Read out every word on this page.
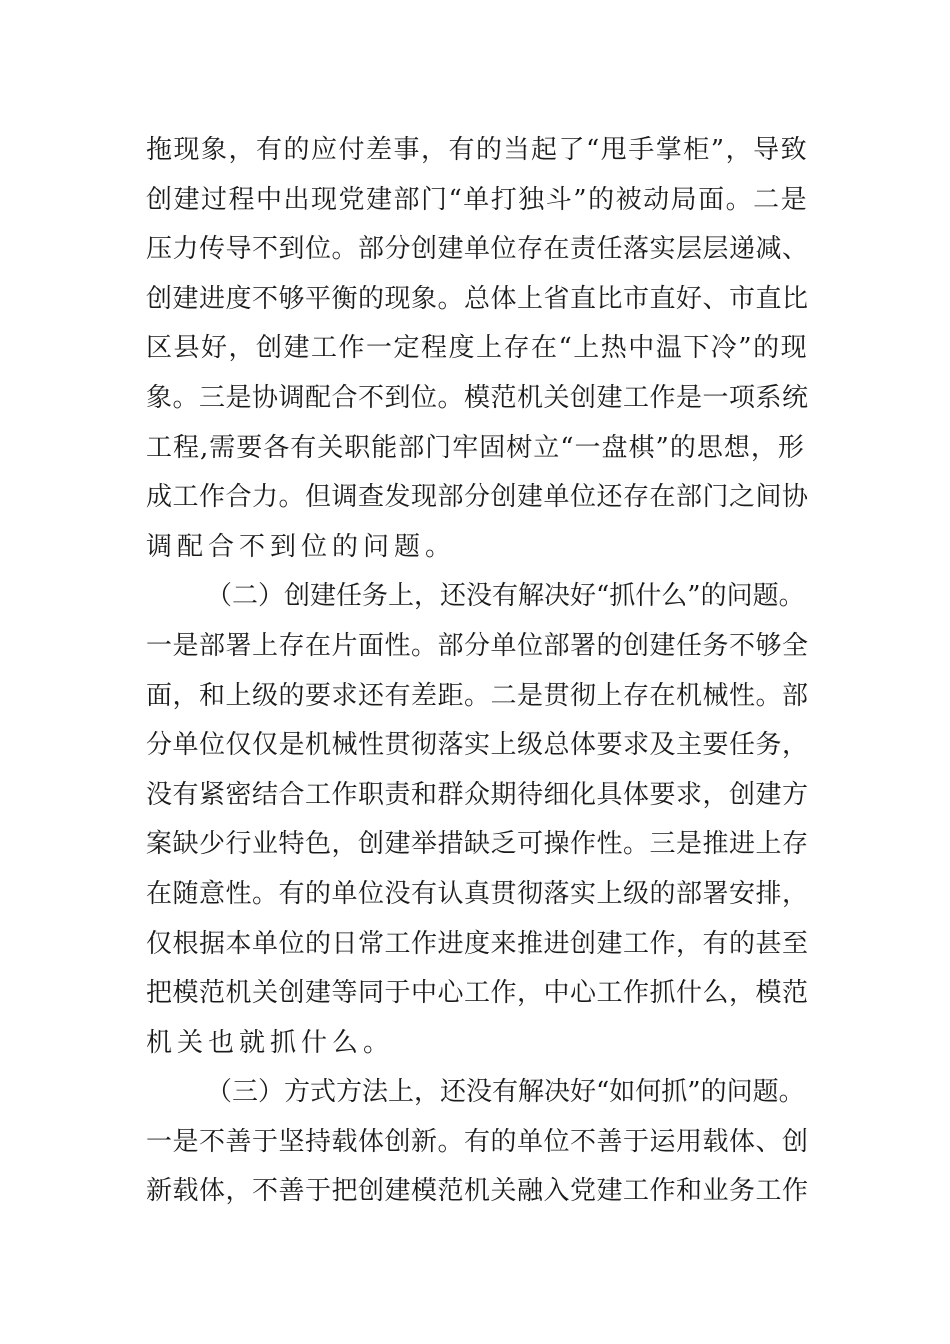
拖现象，有的应付差事，有的当起了“甩手掌柜”，导致
创建过程中出现党建部门“单打独斗”的被动局面。二是
压力传导不到位。部分创建单位存在责任落实层层递减、
创建进度不够平衡的现象。总体上省直比市直好、市直比
区县好，创建工作一定程度上存在“上热中温下冷”的现
象。三是协调配合不到位。模范机关创建工作是一项系统
工程,需要各有关职能部门牢固树立“一盘棋”的思想，形
成工作合力。但调查发现部分创建单位还存在部门之间协
调配合不到位的问题。
（二）创建任务上，还没有解决好“抓什么”的问题。
一是部署上存在片面性。部分单位部署的创建任务不够全
面，和上级的要求还有差距。二是贯彻上存在机械性。部
分单位仅仅是机械性贯彻落实上级总体要求及主要任务，
没有紧密结合工作职责和群众期待细化具体要求，创建方
案缺少行业特色，创建举措缺乏可操作性。三是推进上存
在随意性。有的单位没有认真贯彻落实上级的部署安排，
仅根据本单位的日常工作进度来推进创建工作，有的甚至
把模范机关创建等同于中心工作，中心工作抓什么，模范
机关也就抓什么。
（三）方式方法上，还没有解决好“如何抓”的问题。
一是不善于坚持载体创新。有的单位不善于运用载体、创
新载体，不善于把创建模范机关融入党建工作和业务工作
